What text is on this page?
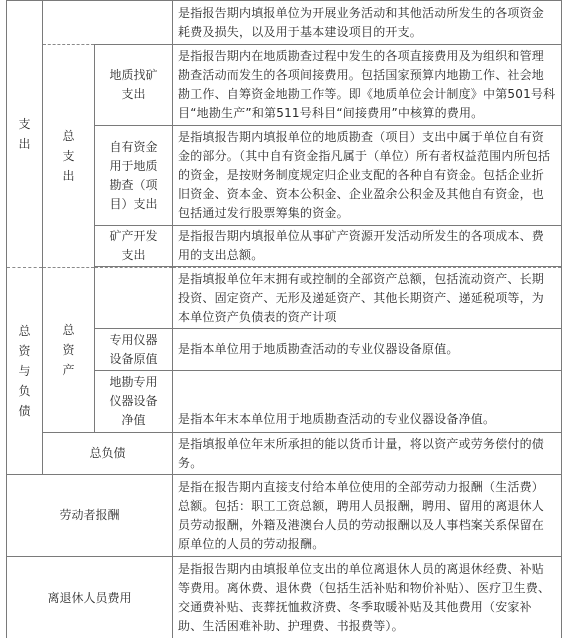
支出			是指报告期内填报单位为开展业务活动和其他活动所发生的各项资金耗费及损失，以及用于基本建设项目的开支。
	总支出	地质找矿支出	是指报告期内在地质勘查过程中发生的各项直接费用及为组织和管理勘查活动而发生的各项间接费用。包括国家预算内地勘工作、社会地勘工作、自筹资金地勘工作等。即《地质单位会计制度》中第501号科目“地勘生产”和第511号科目“间接费用”中核算的费用。
		自有资金用于地质勘查（项目）支出	是指填报告期内填报单位的地质勘查（项目）支出中属于单位自有资金的部分。（其中自有资金指凡属于（单位）所有者权益范围内所包括的资金，是按财务制度规定归企业支配的各种自有资金。包括企业折旧资金、资本金、资本公积金、企业盈余公积金及其他自有资金，也包括通过发行股票筹集的资金。
		矿产开发支出	是指报告期内填报单位从事矿产资源开发活动所发生的各项成本、费用的支出总额。

总资与负债	总资产		是指填报单位年末拥有或控制的全部资产总额，包括流动资产、长期投资、固定资产、无形及递延资产、其他长期资产、递延税项等，为本单位资产负债表的资产计项
		专用仪器设备原值	是指本单位用于地质勘查活动的专业仪器设备原值。
		地勘专用仪器设备净值	是指本年末本单位用于地质勘查活动的专业仪器设备净值。
	总负债		是指填报单位年末所承担的能以货币计量，将以资产或劳务偿付的债务。
劳动者报酬			是指在报告期内直接支付给本单位使用的全部劳动力报酬（生活费）总额。包括：职工工资总额，聘用人员报酬，聘用、留用的离退休人员劳动报酬，外籍及港澳台人员的劳动报酬以及人事档案关系保留在原单位的人员的劳动报酬。
离退休人员费用			是指报告期内由填报单位支出的单位离退休人员的离退休经费、补贴等费用。离休费、退休费（包括生活补贴和物价补贴）、医疗卫生费、交通费补贴、丧葬抚恤救济费、冬季取暖补贴及其他费用（安家补助、生活困难补助、护理费、书报费等）。
